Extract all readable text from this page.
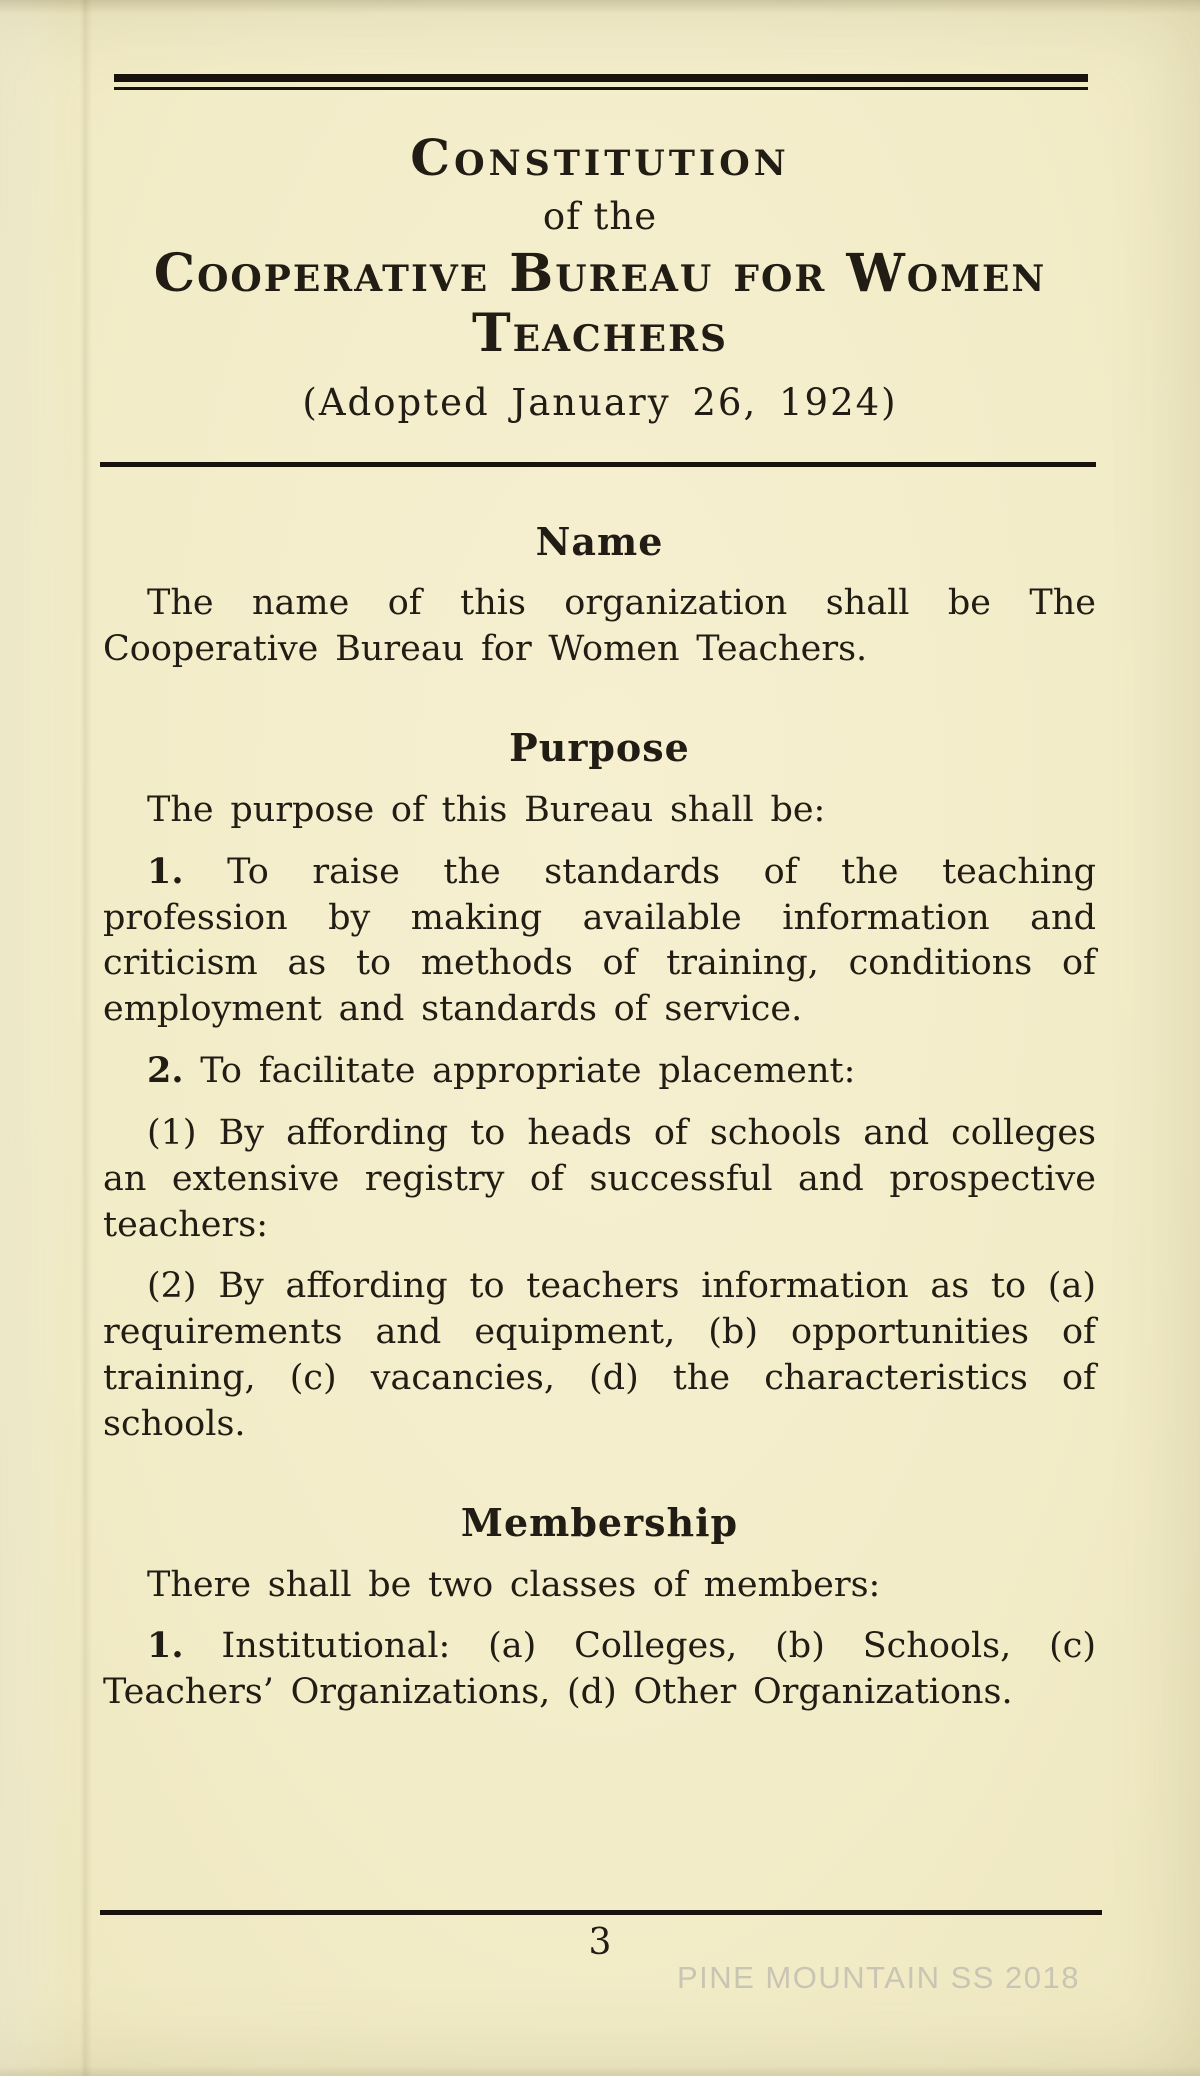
Constitution
of the
Cooperative Bureau for Women
Teachers
(Adopted January 26, 1924)
Name

The name of this organization shall be The Cooperative Bureau for Women Teachers.

Purpose

The purpose of this Bureau shall be:

1. To raise the standards of the teaching profession by making available information and criticism as to methods of training, conditions of employment and standards of service.

2. To facilitate appropriate placement:

(1) By affording to heads of schools and colleges an extensive registry of successful and prospective teachers:

(2) By affording to teachers information as to (a) requirements and equipment, (b) opportunities of training, (c) vacancies, (d) the characteristics of schools.

Membership

There shall be two classes of members:

1. Institutional: (a) Colleges, (b) Schools, (c) Teachers’ Organizations, (d) Other Organizations.

3
PINE MOUNTAIN SS 2018
